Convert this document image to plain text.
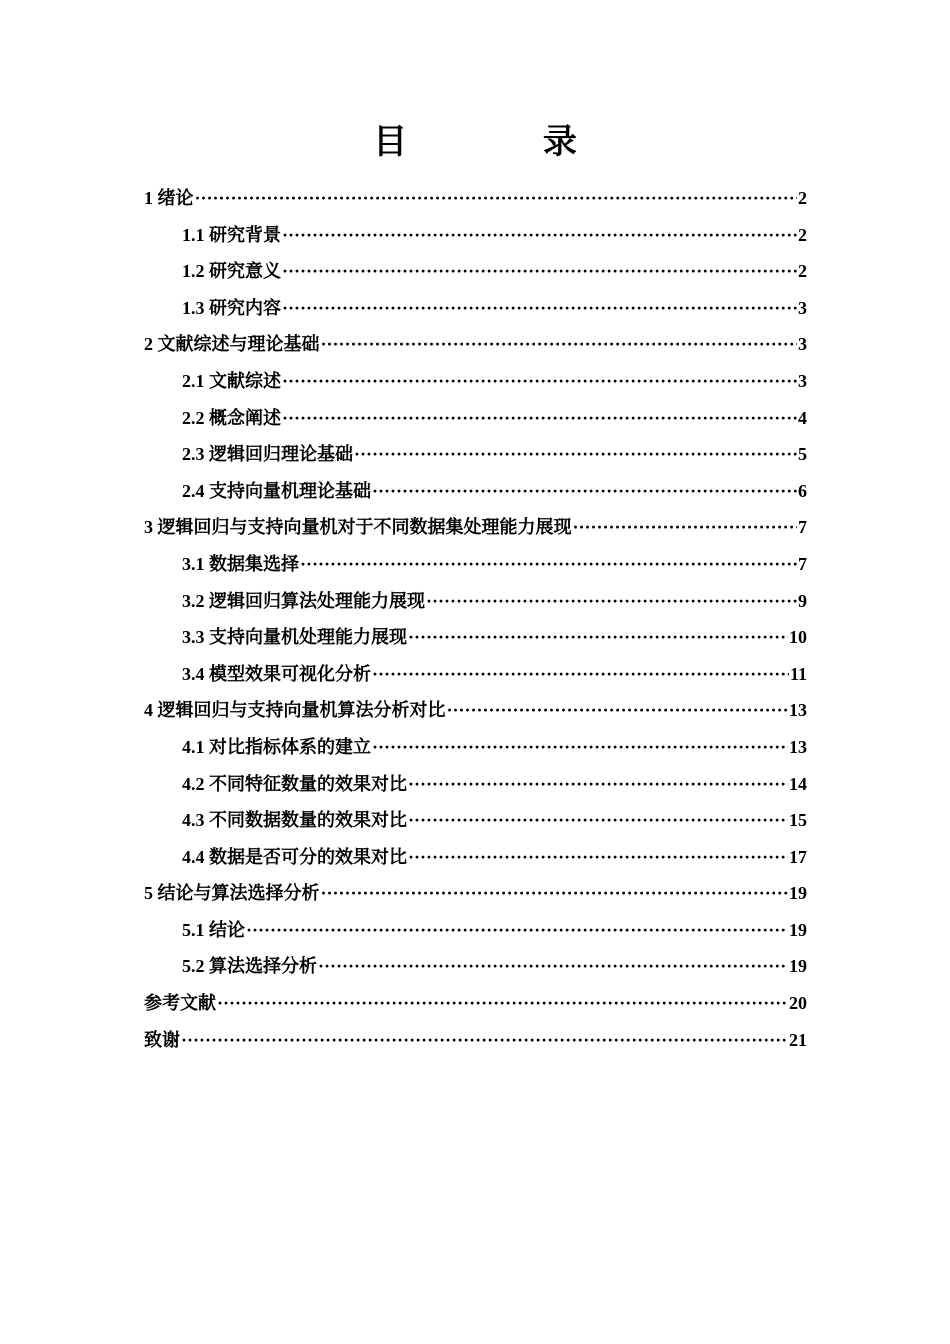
目 录
1 绪论 ·····	2
1.1 研究背景 ·····	2
1.2 研究意义 ·····	2
1.3 研究内容 ·····	3
2 文献综述与理论基础 ·····	3
2.1 文献综述 ·····	3
2.2 概念阐述 ·····	4
2.3 逻辑回归理论基础 ·····	5
2.4 支持向量机理论基础 ·····	6
3 逻辑回归与支持向量机对于不同数据集处理能力展现 ·····	7
3.1 数据集选择 ·····	7
3.2 逻辑回归算法处理能力展现 ·····	9
3.3 支持向量机处理能力展现 ·····	10
3.4 模型效果可视化分析 ·····	11
4 逻辑回归与支持向量机算法分析对比 ·····	13
4.1 对比指标体系的建立 ·····	13
4.2 不同特征数量的效果对比 ·····	14
4.3 不同数据数量的效果对比 ·····	15
4.4 数据是否可分的效果对比 ·····	17
5 结论与算法选择分析 ·····	19
5.1 结论 ·····	19
5.2 算法选择分析 ·····	19
参考文献 ·····	20
致谢 ·····	21
